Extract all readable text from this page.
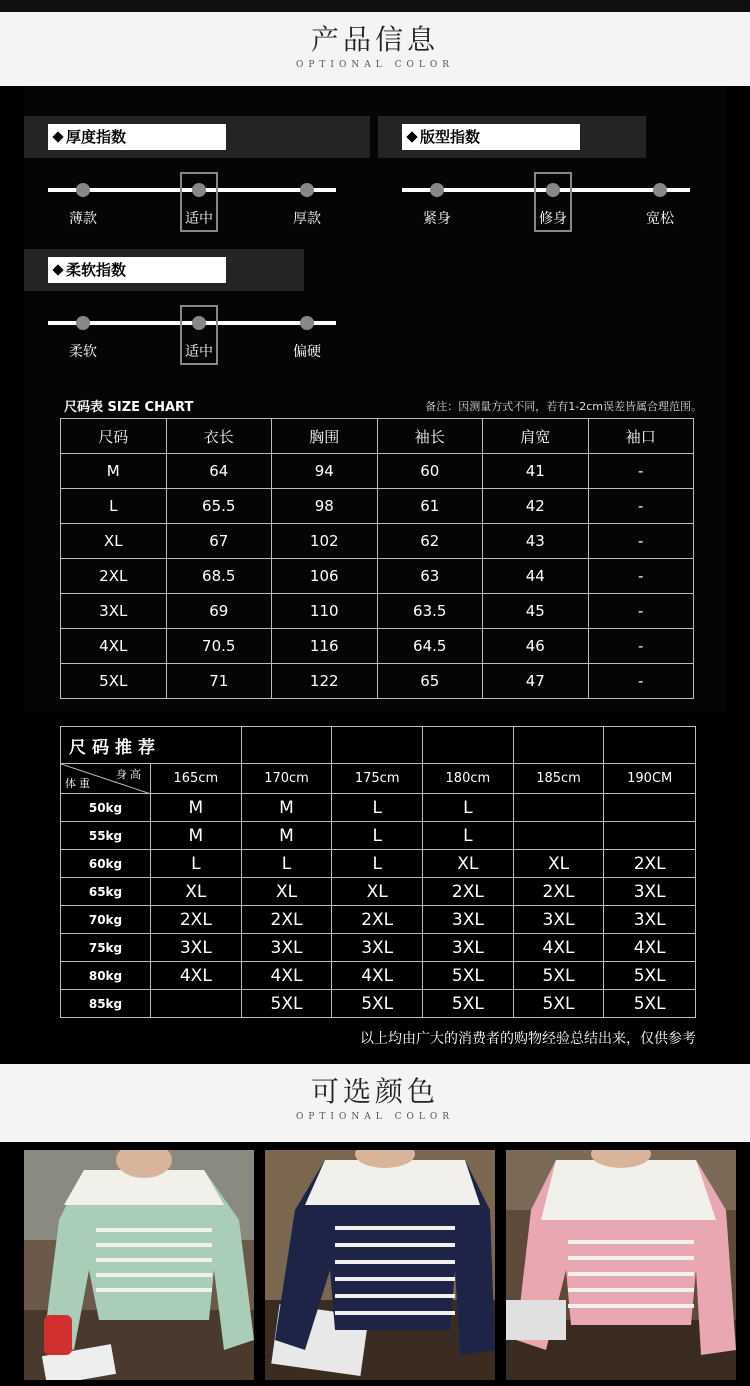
产品信息
OPTIONAL COLOR
厚度指数	版型指数
薄款	适中	厚款	紧身	修身	宽松
柔软指数
柔软	适中	偏硬
尺码表 SIZE CHART	备注：因测量方式不同，若有1-2cm误差皆属合理范围。
尺码	衣长	胸围	袖长	肩宽	袖口
M	64	94	60	41	-
L	65.5	98	61	42	-
XL	67	102	62	43	-
2XL	68.5	106	63	44	-
3XL	69	110	63.5	45	-
4XL	70.5	116	64.5	46	-
5XL	71	122	65	47	-
尺码推荐						

身高
体重	165cm	170cm	175cm	180cm	185cm	190CM
50kg	M	M	L	L		
55kg	M	M	L	L		
60kg	L	L	L	XL	XL	2XL
65kg	XL	XL	XL	2XL	2XL	3XL
70kg	2XL	2XL	2XL	3XL	3XL	3XL
75kg	3XL	3XL	3XL	3XL	4XL	4XL
80kg	4XL	4XL	4XL	5XL	5XL	5XL
85kg		5XL	5XL	5XL	5XL	5XL
以上均由广大的消费者的购物经验总结出来，仅供参考
可选颜色
OPTIONAL COLOR
